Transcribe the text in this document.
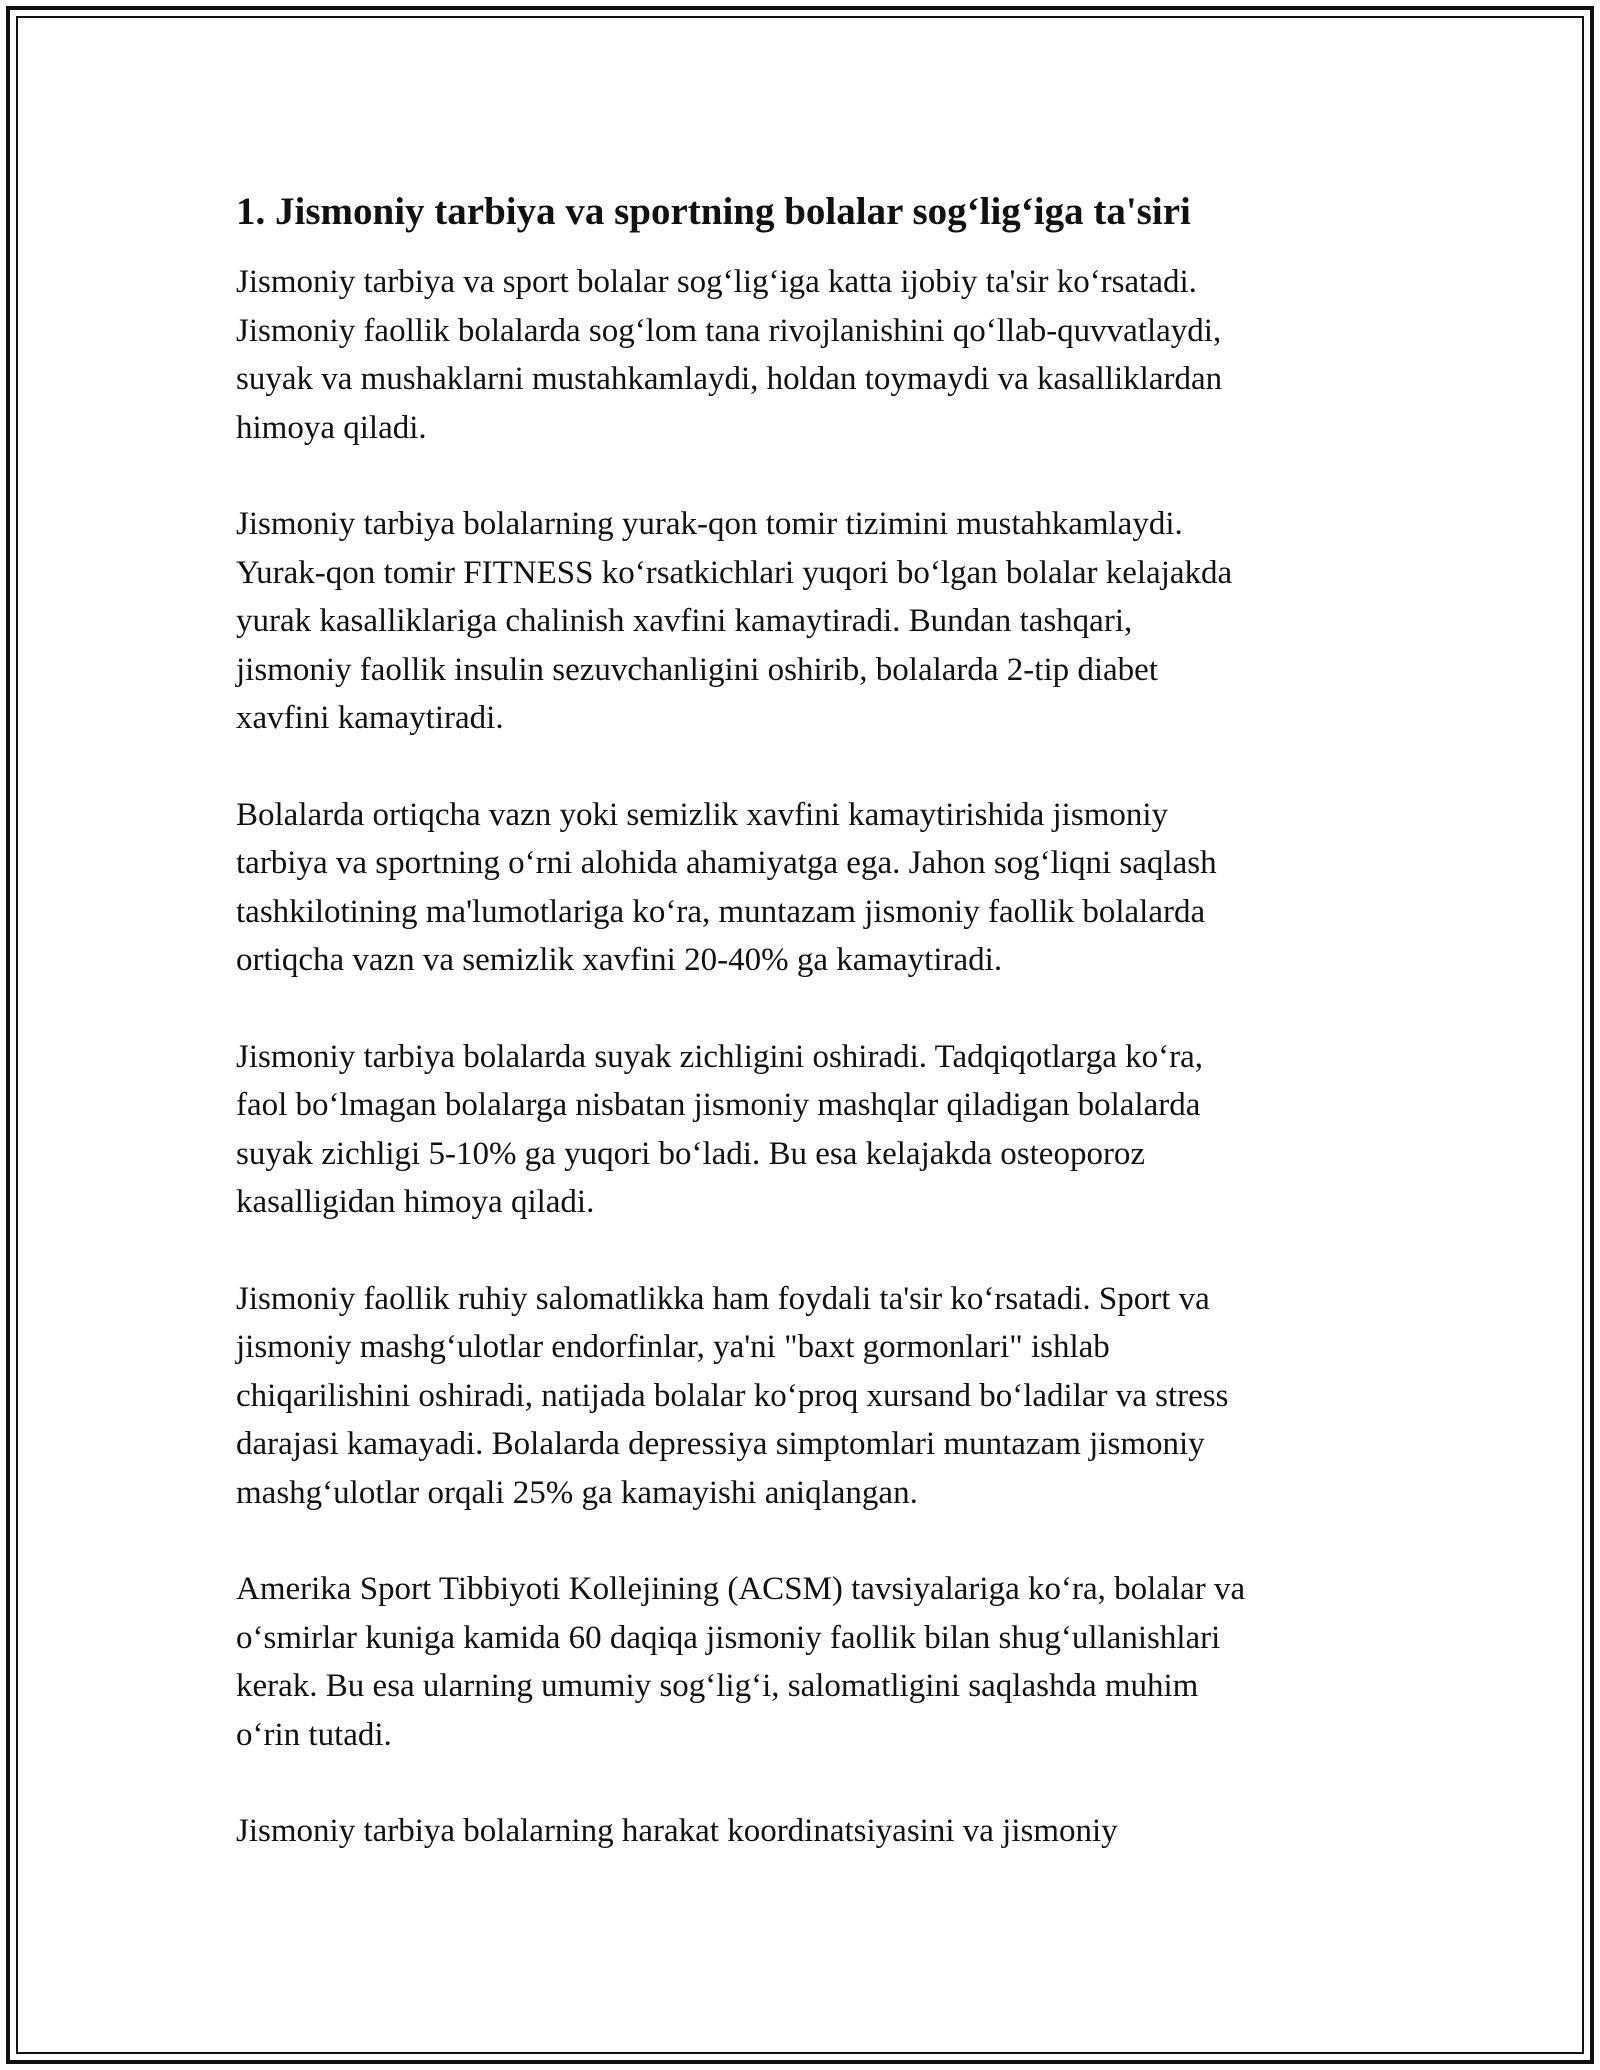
1. Jismoniy tarbiya va sportning bolalar sog‘lig‘iga ta'siri

Jismoniy tarbiya va sport bolalar sog‘lig‘iga katta ijobiy ta'sir ko‘rsatadi.
Jismoniy faollik bolalarda sog‘lom tana rivojlanishini qo‘llab-quvvatlaydi,
suyak va mushaklarni mustahkamlaydi, holdan toymaydi va kasalliklardan
himoya qiladi.

Jismoniy tarbiya bolalarning yurak-qon tomir tizimini mustahkamlaydi.
Yurak-qon tomir FITNESS ko‘rsatkichlari yuqori bo‘lgan bolalar kelajakda
yurak kasalliklariga chalinish xavfini kamaytiradi. Bundan tashqari,
jismoniy faollik insulin sezuvchanligini oshirib, bolalarda 2-tip diabet
xavfini kamaytiradi.

Bolalarda ortiqcha vazn yoki semizlik xavfini kamaytirishida jismoniy
tarbiya va sportning o‘rni alohida ahamiyatga ega. Jahon sog‘liqni saqlash
tashkilotining ma'lumotlariga ko‘ra, muntazam jismoniy faollik bolalarda
ortiqcha vazn va semizlik xavfini 20-40% ga kamaytiradi.

Jismoniy tarbiya bolalarda suyak zichligini oshiradi. Tadqiqotlarga ko‘ra,
faol bo‘lmagan bolalarga nisbatan jismoniy mashqlar qiladigan bolalarda
suyak zichligi 5-10% ga yuqori bo‘ladi. Bu esa kelajakda osteoporoz
kasalligidan himoya qiladi.

Jismoniy faollik ruhiy salomatlikka ham foydali ta'sir ko‘rsatadi. Sport va
jismoniy mashg‘ulotlar endorfinlar, ya'ni "baxt gormonlari" ishlab
chiqarilishini oshiradi, natijada bolalar ko‘proq xursand bo‘ladilar va stress
darajasi kamayadi. Bolalarda depressiya simptomlari muntazam jismoniy
mashg‘ulotlar orqali 25% ga kamayishi aniqlangan.

Amerika Sport Tibbiyoti Kollejining (ACSM) tavsiyalariga ko‘ra, bolalar va
o‘smirlar kuniga kamida 60 daqiqa jismoniy faollik bilan shug‘ullanishlari
kerak. Bu esa ularning umumiy sog‘lig‘i, salomatligini saqlashda muhim
o‘rin tutadi.

Jismoniy tarbiya bolalarning harakat koordinatsiyasini va jismoniy
